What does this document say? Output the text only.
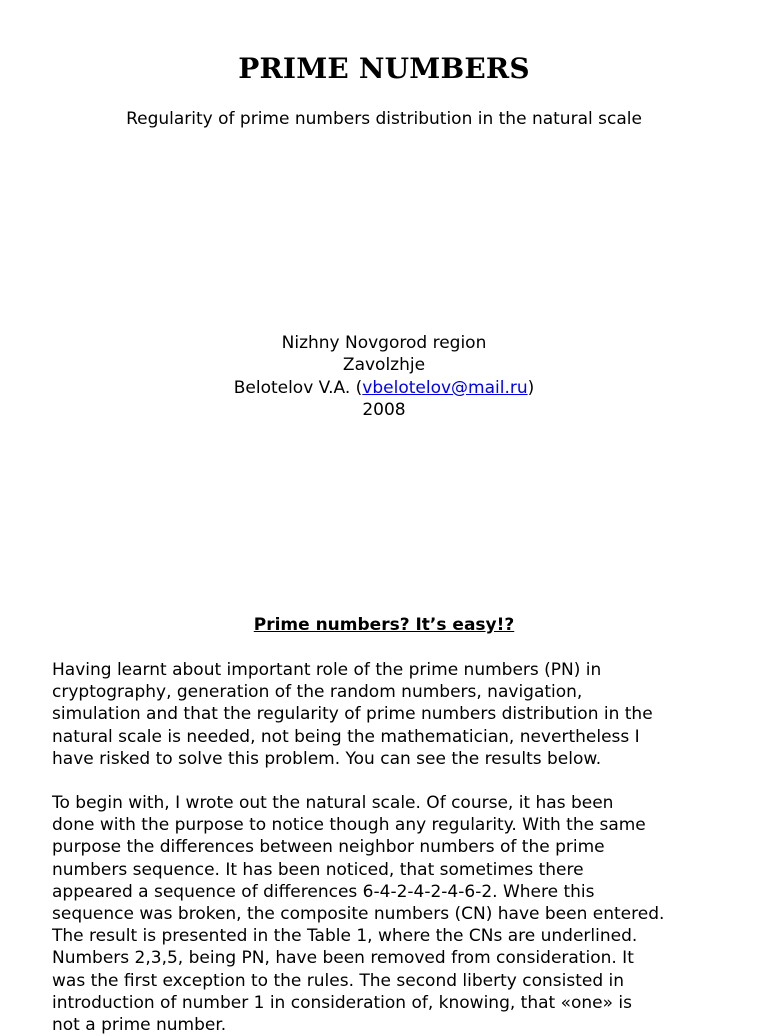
PRIME NUMBERS

Regularity of prime numbers distribution in the natural scale

Nizhny Novgorod region
Zavolzhje
Belotelov V.A. (vbelotelov@mail.ru)
2008
Prime numbers? It’s easy!?

Having learnt about important role of the prime numbers (PN) in
cryptography, generation of the random numbers, navigation,
simulation and that the regularity of prime numbers distribution in the
natural scale is needed, not being the mathematician, nevertheless I
have risked to solve this problem. You can see the results below.

To begin with, I wrote out the natural scale. Of course, it has been
done with the purpose to notice though any regularity. With the same
purpose the differences between neighbor numbers of the prime
numbers sequence. It has been noticed, that sometimes there
appeared a sequence of differences 6-4-2-4-2-4-6-2. Where this
sequence was broken, the composite numbers (CN) have been entered.
The result is presented in the Table 1, where the CNs are underlined.
Numbers 2,3,5, being PN, have been removed from consideration. It
was the first exception to the rules. The second liberty consisted in
introduction of number 1 in consideration of, knowing, that «one» is
not a prime number.
